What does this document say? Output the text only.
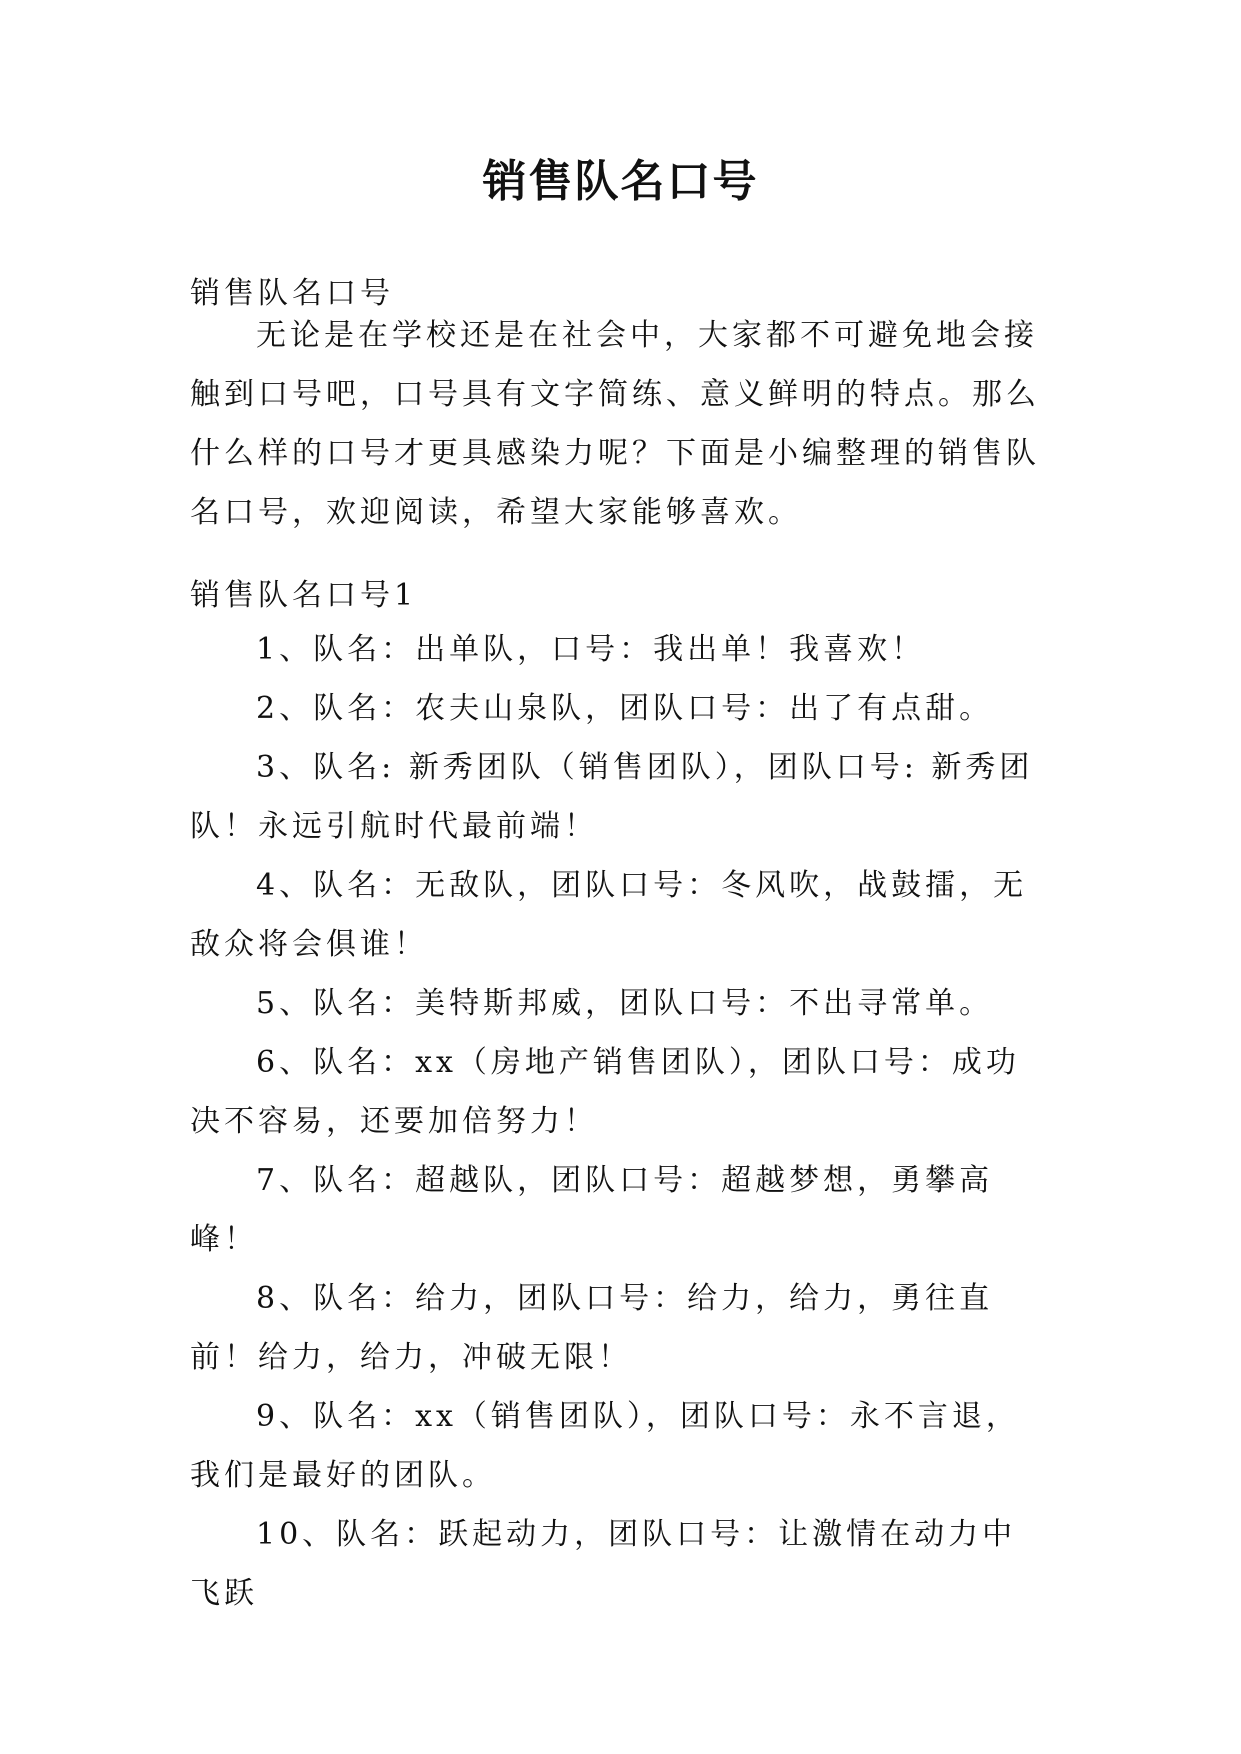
销售队名口号

销售队名口号

无论是在学校还是在社会中，大家都不可避免地会接触到口号吧，口号具有文字简练、意义鲜明的特点。那么什么样的口号才更具感染力呢？下面是小编整理的销售队名口号，欢迎阅读，希望大家能够喜欢。

销售队名口号1

1、队名：出单队，口号：我出单！我喜欢！

2、队名：农夫山泉队，团队口号：出了有点甜。

3、队名: 新秀团队（销售团队），团队口号: 新秀团队！永远引航时代最前端！

4、队名：无敌队，团队口号：冬风吹，战鼓擂，无敌众将会俱谁！

5、队名：美特斯邦威，团队口号：不出寻常单。

6、队名：xx（房地产销售团队），团队口号：成功决不容易，还要加倍努力！

7、队名：超越队，团队口号：超越梦想，勇攀高峰！

8、队名：给力，团队口号：给力，给力，勇往直前！给力，给力，冲破无限！

9、队名：xx（销售团队），团队口号：永不言退，我们是最好的团队。

10、队名：跃起动力，团队口号：让激情在动力中飞跃
